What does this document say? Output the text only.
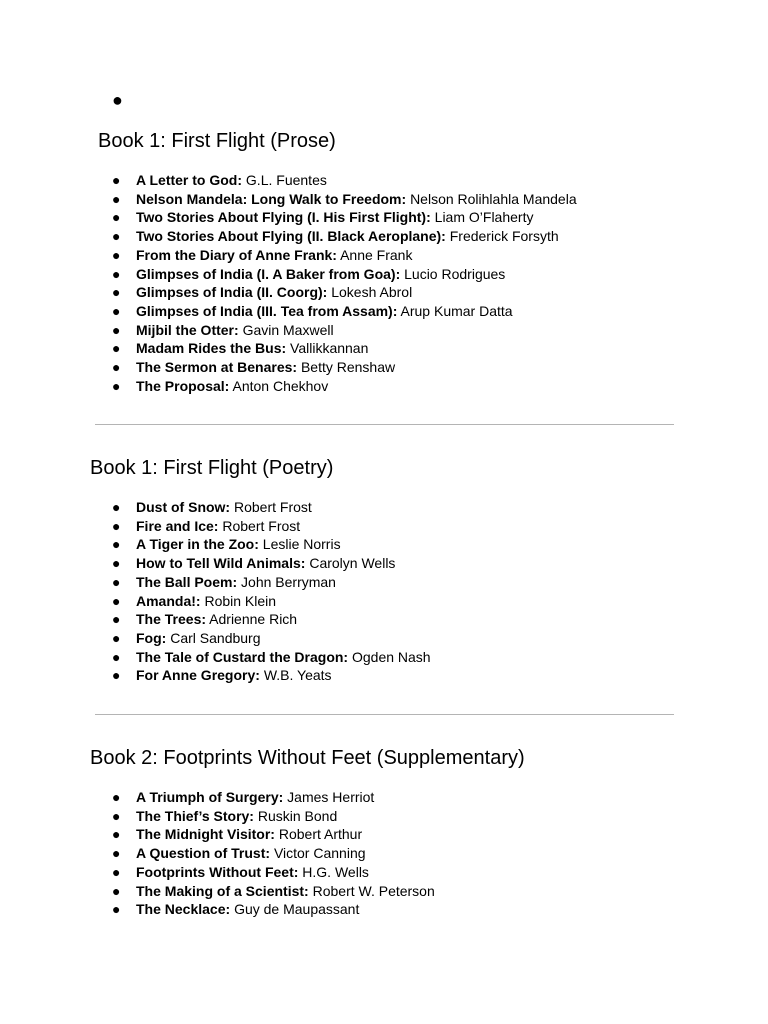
●
Book 1: First Flight (Prose)
● A Letter to God: G.L. Fuentes
● Nelson Mandela: Long Walk to Freedom: Nelson Rolihlahla Mandela
● Two Stories About Flying (I. His First Flight): Liam O’Flaherty
● Two Stories About Flying (II. Black Aeroplane): Frederick Forsyth
● From the Diary of Anne Frank: Anne Frank
● Glimpses of India (I. A Baker from Goa): Lucio Rodrigues
● Glimpses of India (II. Coorg): Lokesh Abrol
● Glimpses of India (III. Tea from Assam): Arup Kumar Datta
● Mijbil the Otter: Gavin Maxwell
● Madam Rides the Bus: Vallikkannan
● The Sermon at Benares: Betty Renshaw
● The Proposal: Anton Chekhov
Book 1: First Flight (Poetry)
● Dust of Snow: Robert Frost
● Fire and Ice: Robert Frost
● A Tiger in the Zoo: Leslie Norris
● How to Tell Wild Animals: Carolyn Wells
● The Ball Poem: John Berryman
● Amanda!: Robin Klein
● The Trees: Adrienne Rich
● Fog: Carl Sandburg
● The Tale of Custard the Dragon: Ogden Nash
● For Anne Gregory: W.B. Yeats
Book 2: Footprints Without Feet (Supplementary)
● A Triumph of Surgery: James Herriot
● The Thief’s Story: Ruskin Bond
● The Midnight Visitor: Robert Arthur
● A Question of Trust: Victor Canning
● Footprints Without Feet: H.G. Wells
● The Making of a Scientist: Robert W. Peterson
● The Necklace: Guy de Maupassant
